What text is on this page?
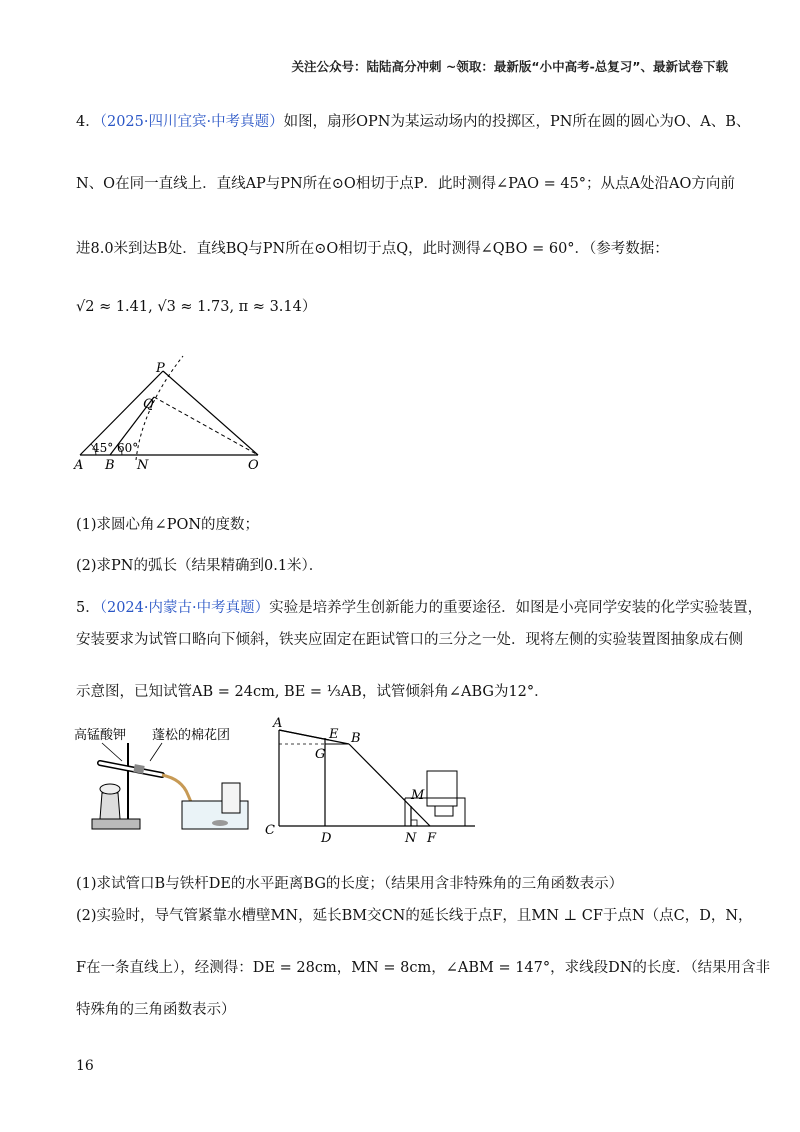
关注公众号：陆陆高分冲刺 ~领取：最新版“小中高考-总复习”、最新试卷下载
4．（2025·四川宜宾·中考真题）如图，扇形OPN为某运动场内的投掷区，PN所在圆的圆心为O、A、B、
N、O在同一直线上．直线AP与PN所在⊙O相切于点P．此时测得∠PAO = 45°；从点A处沿AO方向前
进8.0米到达B处．直线BQ与PN所在⊙O相切于点Q，此时测得∠QBO = 60°．（参考数据：
√2 ≈ 1.41, √3 ≈ 1.73, π ≈ 3.14）
P
Q
A B N	O
45° 60°
(1)求圆心角∠PON的度数；
(2)求PN的弧长（结果精确到0.1米）．
5．（2024·内蒙古·中考真题）实验是培养学生创新能力的重要途径．如图是小亮同学安装的化学实验装置，
安装要求为试管口略向下倾斜，铁夹应固定在距试管口的三分之一处．现将左侧的实验装置图抽象成右侧
示意图，已知试管AB = 24cm, BE = ⅓AB，试管倾斜角∠ABG为12°．
高锰酸钾 蓬松的棉花团
A
E B
G
M
C
D	N F
(1)求试管口B与铁杆DE的水平距离BG的长度；（结果用含非特殊角的三角函数表示）
(2)实验时，导气管紧靠水槽壁MN，延长BM交CN的延长线于点F，且MN ⊥ CF于点N（点C，D，N，
F在一条直线上），经测得：DE = 28cm，MN = 8cm，∠ABM = 147°，求线段DN的长度．（结果用含非
特殊角的三角函数表示）
16
